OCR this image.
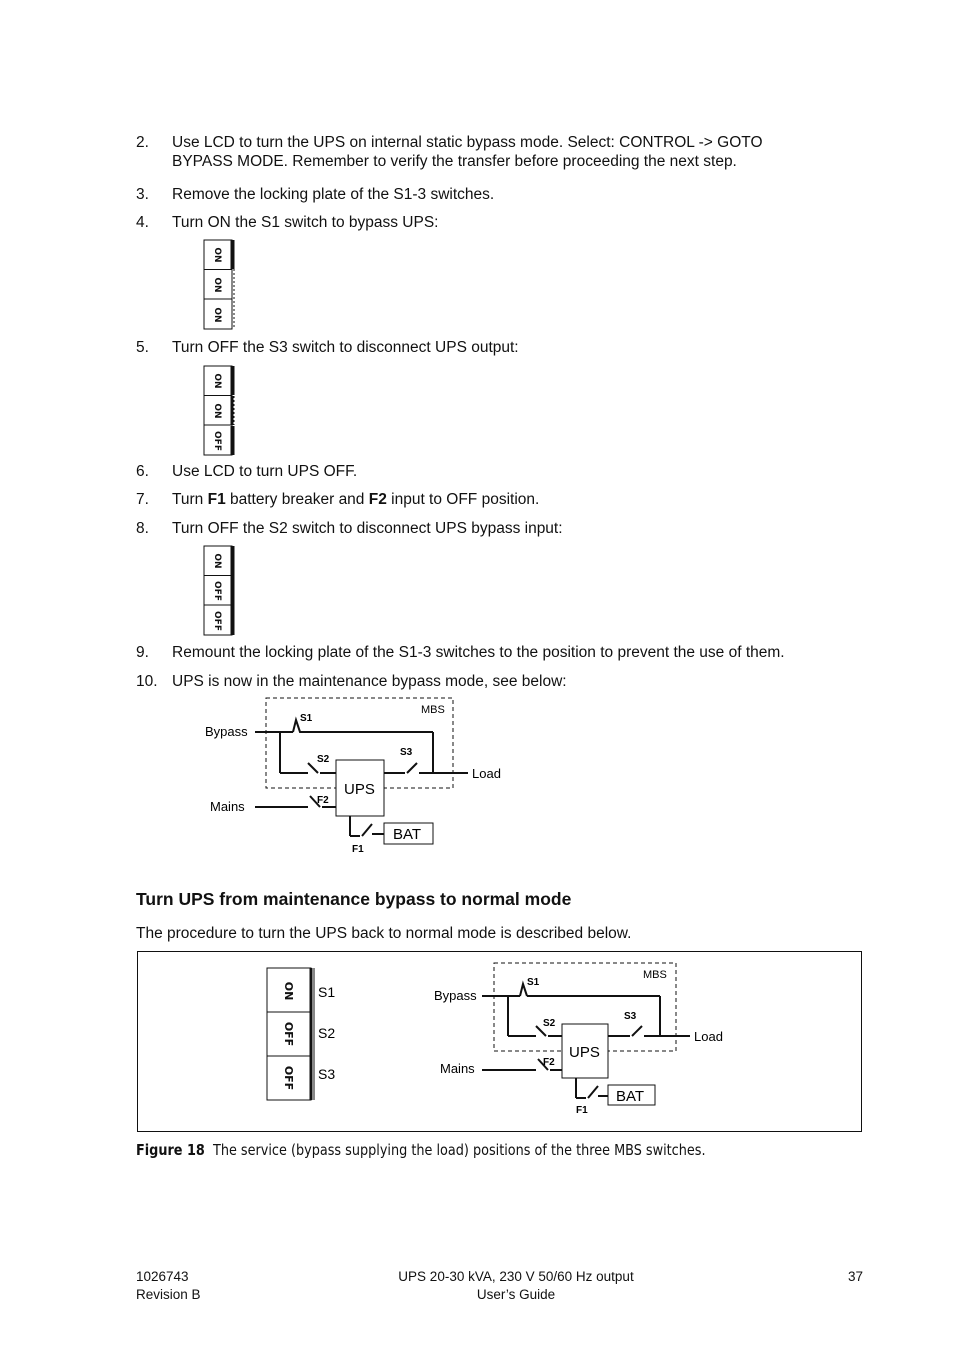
2. Use LCD to turn the UPS on internal static bypass mode. Select: CONTROL -> GOTO
BYPASS MODE. Remember to verify the transfer before proceeding the next step.
3. Remove the locking plate of the S1-3 switches.
4. Turn ON the S1 switch to bypass UPS:
ON
ON
ON
5. Turn OFF the S3 switch to disconnect UPS output:
ON
ON
OFF
6. Use LCD to turn UPS OFF.
7. Turn F1 battery breaker and F2 input to OFF position.
8. Turn OFF the S2 switch to disconnect UPS bypass input:
ON
OFF
OFF
9. Remount the locking plate of the S1-3 switches to the position to prevent the use of them.
10. UPS is now in the maintenance bypass mode, see below:
MBS
Bypass
S1
S2
S3
Load
UPS
Mains	F2
F1
BAT
Turn UPS from maintenance bypass to normal mode
The procedure to turn the UPS back to normal mode is described below.
ON
OFF
OFF
S1
S2
S3
MBS
Bypass
S1
S2
S3
Load
UPS
Mains	F2
F1
BAT
Figure 18 The service (bypass supplying the load) positions of the three MBS switches.
1026743
Revision B
UPS 20-30 kVA, 230 V 50/60 Hz output
User’s Guide
37
